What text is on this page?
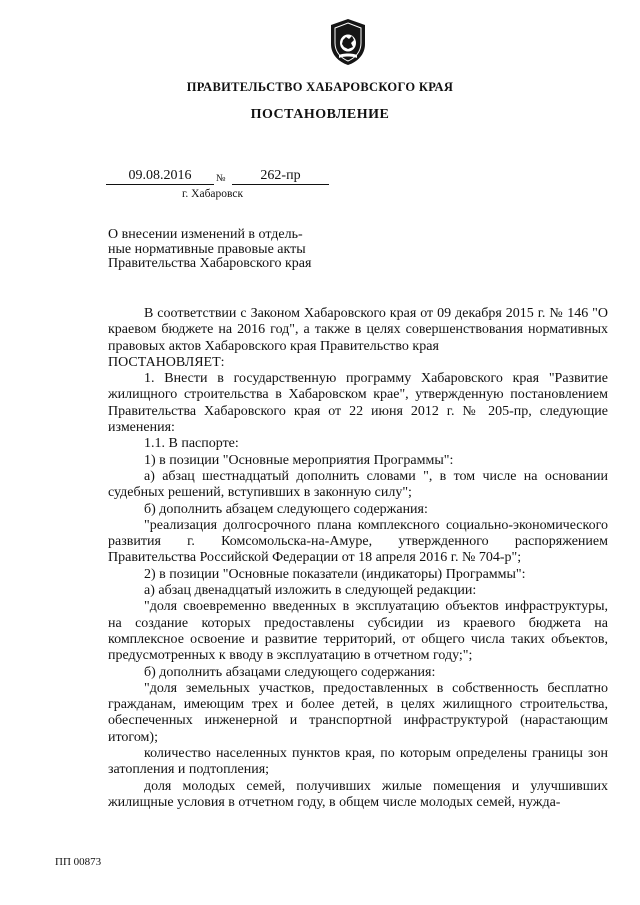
ПРАВИТЕЛЬСТВО ХАБАРОВСКОГО КРАЯ
ПОСТАНОВЛЕНИЕ
09.08.2016	№	262-пр
г. Хабаровск
О внесении изменений в отдель-
ные нормативные правовые акты
Правительства Хабаровского края

В соответствии с Законом Хабаровского края от 09 декабря 2015 г. № 146 "О краевом бюджете на 2016 год", а также в целях совершенствования нормативных правовых актов Хабаровского края Правительство края

ПОСТАНОВЛЯЕТ:

1. Внести в государственную программу Хабаровского края "Развитие жилищного строительства в Хабаровском крае", утвержденную постановлением Правительства Хабаровского края от 22 июня 2012 г. № 205-пр, следующие изменения:

1.1. В паспорте:

1) в позиции "Основные мероприятия Программы":

а) абзац шестнадцатый дополнить словами ", в том числе на основании судебных решений, вступивших в законную силу";

б) дополнить абзацем следующего содержания:

"реализация долгосрочного плана комплексного социально-экономического развития г. Комсомольска-на-Амуре, утвержденного распоряжением Правительства Российской Федерации от 18 апреля 2016 г. № 704-р";

2) в позиции "Основные показатели (индикаторы) Программы":

а) абзац двенадцатый изложить в следующей редакции:

"доля своевременно введенных в эксплуатацию объектов инфраструктуры, на создание которых предоставлены субсидии из краевого бюджета на комплексное освоение и развитие территорий, от общего числа таких объектов, предусмотренных к вводу в эксплуатацию в отчетном году;";

б) дополнить абзацами следующего содержания:

"доля земельных участков, предоставленных в собственность бесплатно гражданам, имеющим трех и более детей, в целях жилищного строительства, обеспеченных инженерной и транспортной инфраструктурой (нарастающим итогом);

количество населенных пунктов края, по которым определены границы зон затопления и подтопления;

доля молодых семей, получивших жилые помещения и улучшивших жилищные условия в отчетном году, в общем числе молодых семей, нужда-

ПП 00873
